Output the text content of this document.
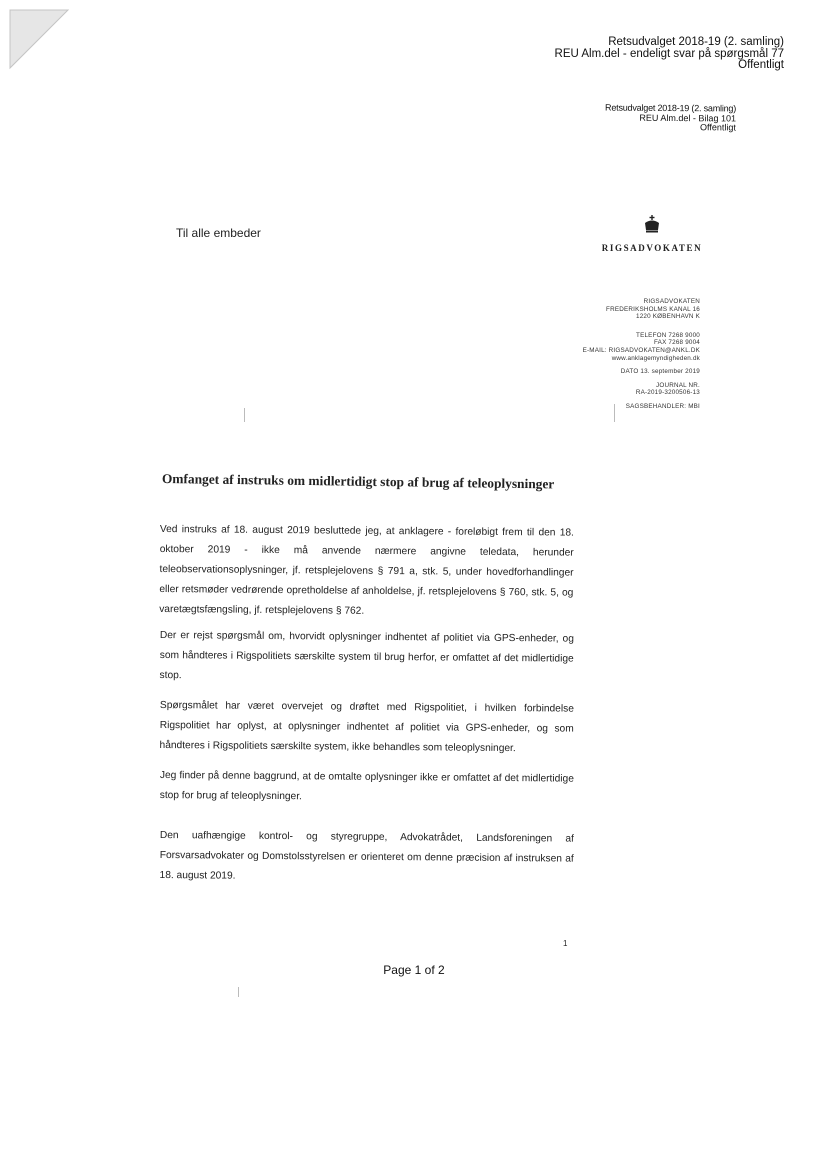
Retsudvalget 2018-19 (2. samling)
REU Alm.del - endeligt svar på spørgsmål 77
Offentligt
Retsudvalget 2018-19 (2. samling)
REU Alm.del - Bilag 101
Offentligt
Til alle embeder
RIGSADVOKATEN
RIGSADVOKATEN
FREDERIKSHOLMS KANAL 16
1220 KØBENHAVN K
TELEFON 7268 9000
FAX 7268 9004
E-MAIL: RIGSADVOKATEN@ANKL.DK
www.anklagemyndigheden.dk
DATO 13. september 2019
JOURNAL NR.
RA-2019-3200506-13
SAGSBEHANDLER: MBI
Omfanget af instruks om midlertidigt stop af brug af teleoplysninger
Ved instruks af 18. august 2019 besluttede jeg, at anklagere - foreløbigt frem til den 18. oktober 2019 - ikke må anvende nærmere angivne teledata, herunder teleobservationsoplysninger, jf. retsplejelovens § 791 a, stk. 5, under hovedforhandlinger eller retsmøder vedrørende opretholdelse af anholdelse, jf. retsplejelovens § 760, stk. 5, og varetægtsfængsling, jf. retsplejelovens § 762.
Der er rejst spørgsmål om, hvorvidt oplysninger indhentet af politiet via GPS-enheder, og som håndteres i Rigspolitiets særskilte system til brug herfor, er omfattet af det midlertidige stop.
Spørgsmålet har været overvejet og drøftet med Rigspolitiet, i hvilken forbindelse Rigspolitiet har oplyst, at oplysninger indhentet af politiet via GPS-enheder, og som håndteres i Rigspolitiets særskilte system, ikke behandles som teleoplysninger.
Jeg finder på denne baggrund, at de omtalte oplysninger ikke er omfattet af det midlertidige stop for brug af teleoplysninger.
Den uafhængige kontrol- og styregruppe, Advokatrådet, Landsforeningen af Forsvarsadvokater og Domstolsstyrelsen er orienteret om denne præcision af instruksen af 18. august 2019.
1
Page 1 of 2
